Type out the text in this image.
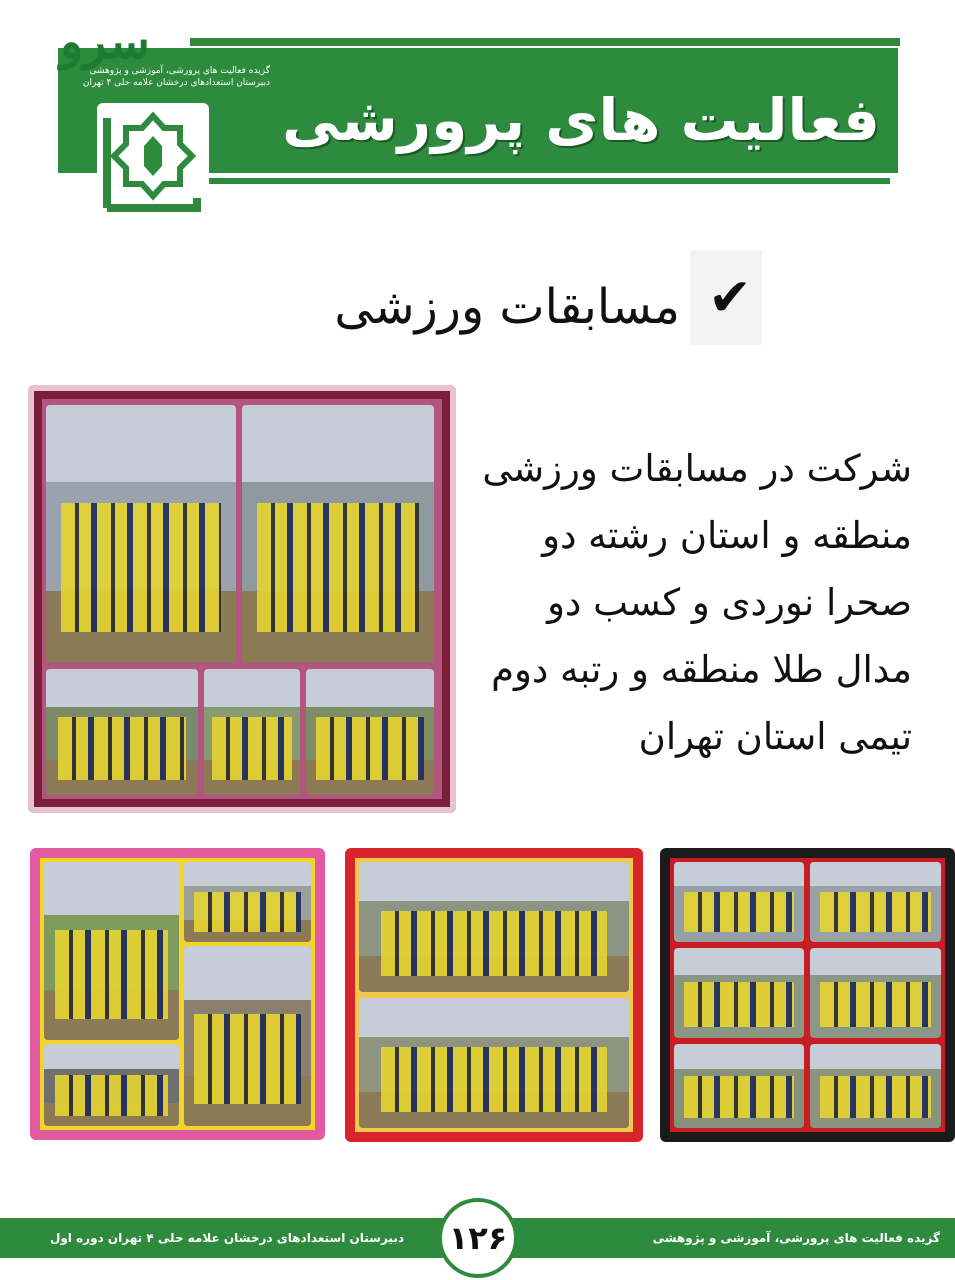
سرو
گزیده فعالیت های پرورشی، آموزشی و پژوهشی
دبیرستان استعدادهای درخشان علامه حلی ۴ تهران
فعالیت های پرورشی
✔
مسابقات ورزشی
شرکت در مسابقات ورزشی
منطقه و استان رشته دو
صحرا نوردی و کسب دو
مدال طلا منطقه و رتبه دوم
تیمی استان تهران
دبیرستان استعدادهای درخشان علامه حلی ۴ تهران دوره اول	گزیده فعالیت های پرورشی، آموزشی و پژوهشی
۱۲۶
